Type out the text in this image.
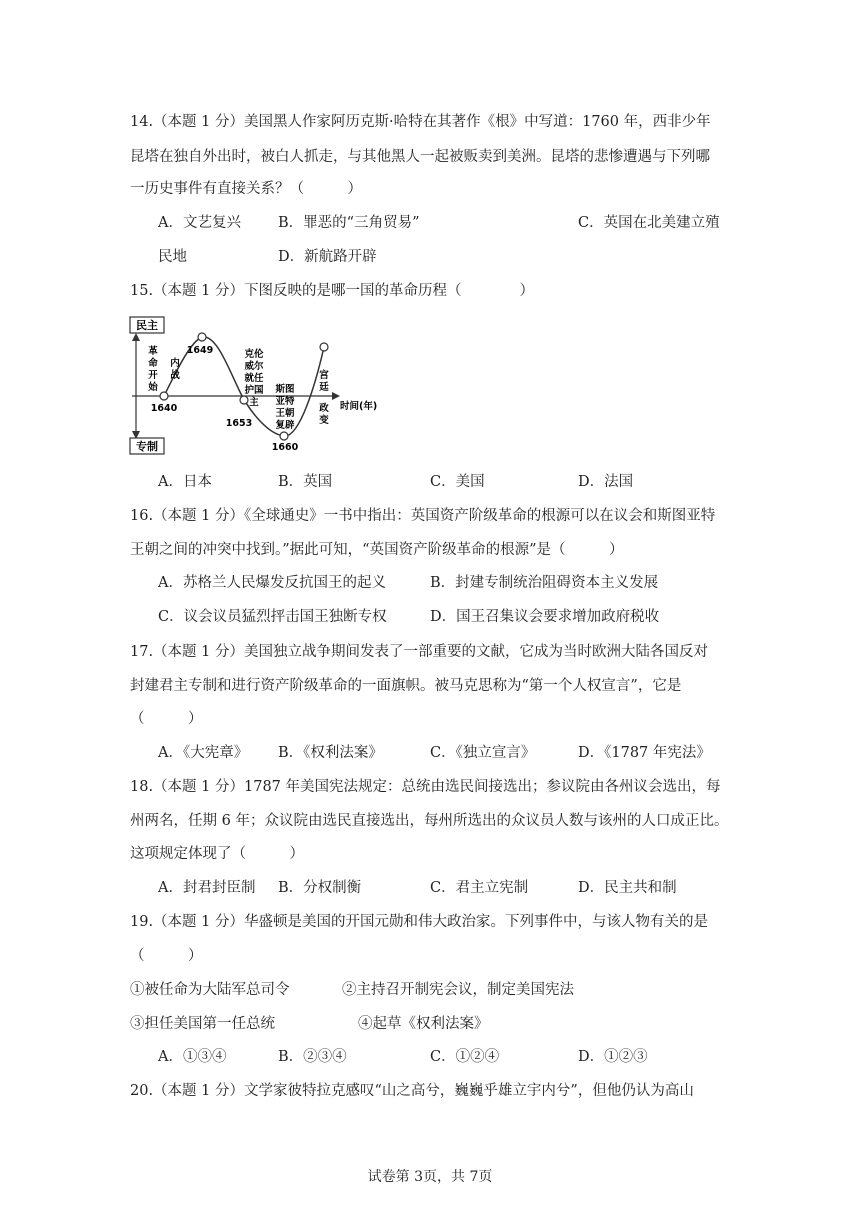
14.（本题 1 分）美国黑人作家阿历克斯·哈特在其著作《根》中写道：1760 年，西非少年
昆塔在独自外出时，被白人抓走，与其他黑人一起被贩卖到美洲。昆塔的悲惨遭遇与下列哪
一历史事件有直接关系？（　　　）
A．文艺复兴	B．罪恶的“三角贸易”	C．英国在北美建立殖
民地	D．新航路开辟
15.（本题 1 分）下图反映的是哪一国的革命历程（　　　　）
民主
专制
时间(年)
1640
1649
1653
1660
革
命
开
始
内
战
克伦
威尔
就任
护国
主
斯图
亚特
王朝
复辟
宫
廷
政
变
A．日本	B．英国	C．美国	D．法国
16.（本题 1 分）《全球通史》一书中指出：英国资产阶级革命的根源可以在议会和斯图亚特
王朝之间的冲突中找到。”据此可知，“英国资产阶级革命的根源”是（　　　）
A．苏格兰人民爆发反抗国王的起义	B．封建专制统治阻碍资本主义发展
C．议会议员猛烈抨击国王独断专权	D．国王召集议会要求增加政府税收
17.（本题 1 分）美国独立战争期间发表了一部重要的文献，它成为当时欧洲大陆各国反对
封建君主专制和进行资产阶级革命的一面旗帜。被马克思称为“第一个人权宣言”，它是
（　　　）
A．《大宪章》 B．《权利法案》	C．《独立宣言》	D．《1787 年宪法》
18.（本题 1 分）1787 年美国宪法规定：总统由选民间接选出；参议院由各州议会选出，每
州两名，任期 6 年；众议院由选民直接选出，每州所选出的众议员人数与该州的人口成正比。
这项规定体现了（　　　）
A．封君封臣制 B．分权制衡	C．君主立宪制	D．民主共和制
19.（本题 1 分）华盛顿是美国的开国元勋和伟大政治家。下列事件中，与该人物有关的是
（　　　）
①被任命为大陆军总司令	②主持召开制宪会议，制定美国宪法
③担任美国第一任总统	④起草《权利法案》
A．①③④	B．②③④	C．①②④	D．①②③
20.（本题 1 分）文学家彼特拉克感叹“山之高兮，巍巍乎雄立宇内兮”，但他仍认为高山
试卷第 3页，共 7页
